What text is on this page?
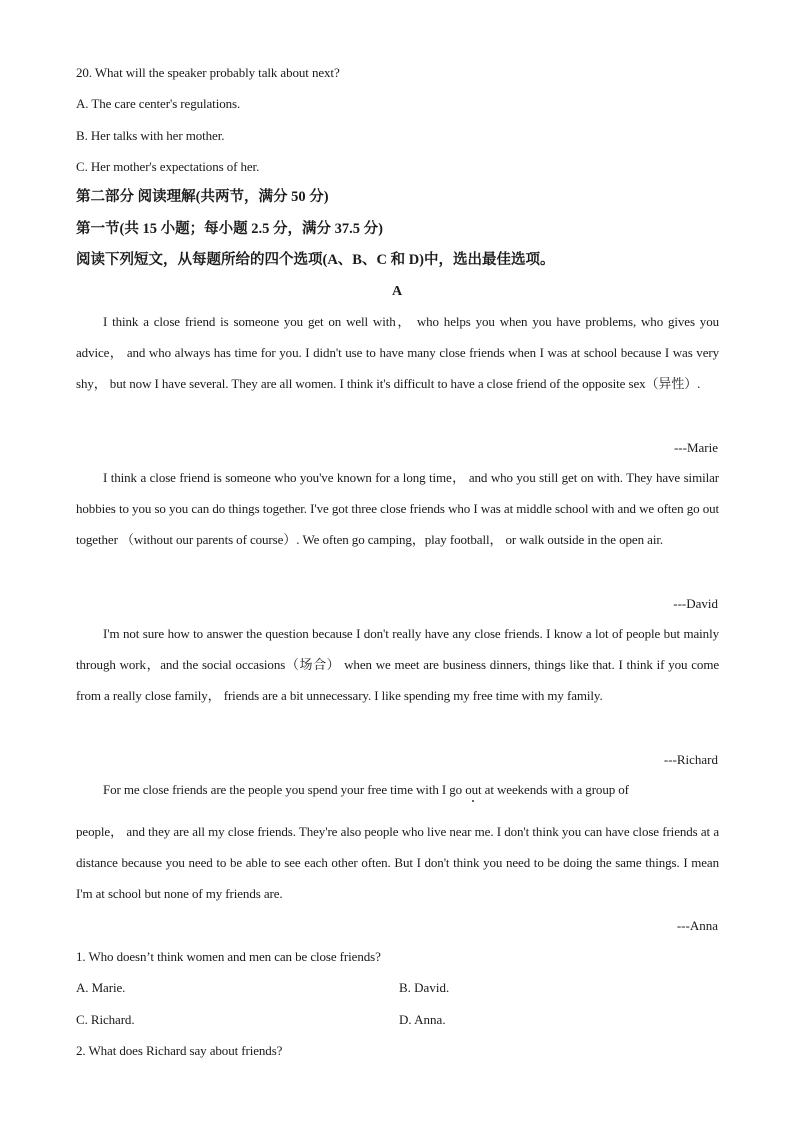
20. What will the speaker probably talk about next?
A. The care center's regulations.
B. Her talks with her mother.
C. Her mother's expectations of her.
第二部分 阅读理解(共两节，满分 50 分)
第一节(共 15 小题；每小题 2.5 分，满分 37.5 分)
阅读下列短文，从每题所给的四个选项(A、B、C 和 D)中，选出最佳选项。
A
I think a close friend is someone you get on well with， who helps you when you have problems, who gives you advice， and who always has time for you. I didn't use to have many close friends when I was at school because I was very shy， but now I have several. They are all women. I think it's difficult to have a close friend of the opposite sex（异性）.
---Marie
I think a close friend is someone who you've known for a long time， and who you still get on with. They have similar hobbies to you so you can do things together. I've got three close friends who I was at middle school with and we often go out together （without our parents of course）. We often go camping，play football， or walk outside in the open air.
---David
I'm not sure how to answer the question because I don't really have any close friends. I know a lot of people but mainly through work，and the social occasions（场合） when we meet are business dinners, things like that. I think if you come from a really close family， friends are a bit unnecessary. I like spending my free time with my family.
---Richard
For me close friends are the people you spend your free time with I go out at weekends with a group of
people， and they are all my close friends. They're also people who live near me. I don't think you can have close friends at a distance because you need to be able to see each other often. But I don't think you need to be doing the same things. I mean I'm at school but none of my friends are.
---Anna
1. Who doesn’t think women and men can be close friends?
A. Marie.	B. David.
C. Richard.	D. Anna.
2. What does Richard say about friends?
